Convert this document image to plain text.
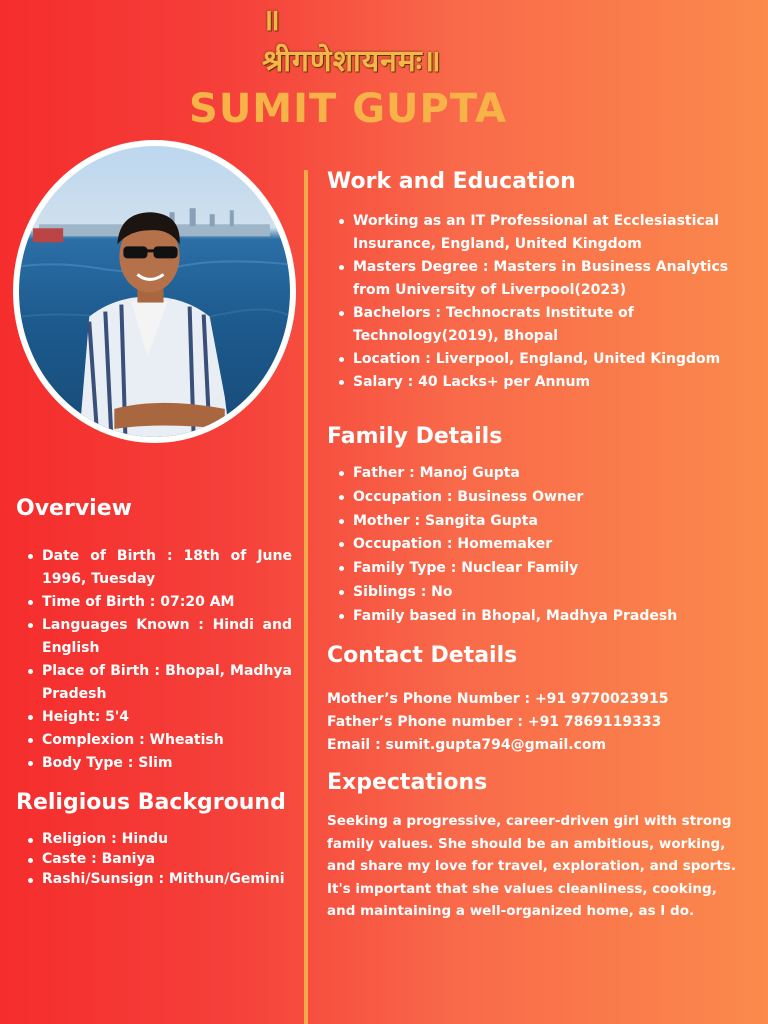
॥श्रीगणेशायनमः॥
SUMIT GUPTA
Overview
Date of Birth : 18th of June 1996, Tuesday
Time of Birth : 07:20 AM
Languages Known : Hindi and English
Place of Birth : Bhopal, Madhya Pradesh
Height: 5'4
Complexion : Wheatish
Body Type : Slim
Religious Background
Religion : Hindu
Caste : Baniya
Rashi/Sunsign : Mithun/Gemini
Work and Education
Working as an IT Professional at Ecclesiastical Insurance, England, United Kingdom
Masters Degree : Masters in Business Analytics from University of Liverpool(2023)
Bachelors : Technocrats Institute of Technology(2019), Bhopal
Location : Liverpool, England, United Kingdom
Salary : 40 Lacks+ per Annum
Family Details
Father : Manoj Gupta
Occupation : Business Owner
Mother : Sangita Gupta
Occupation : Homemaker
Family Type : Nuclear Family
Siblings : No
Family based in Bhopal, Madhya Pradesh
Contact Details
Mother’s Phone Number : +91 9770023915
Father’s Phone number : +91 7869119333
Email : sumit.gupta794@gmail.com
Expectations
Seeking a progressive, career-driven girl with strong family values. She should be an ambitious, working, and share my love for travel, exploration, and sports. It's important that she values cleanliness, cooking, and maintaining a well-organized home, as I do.
